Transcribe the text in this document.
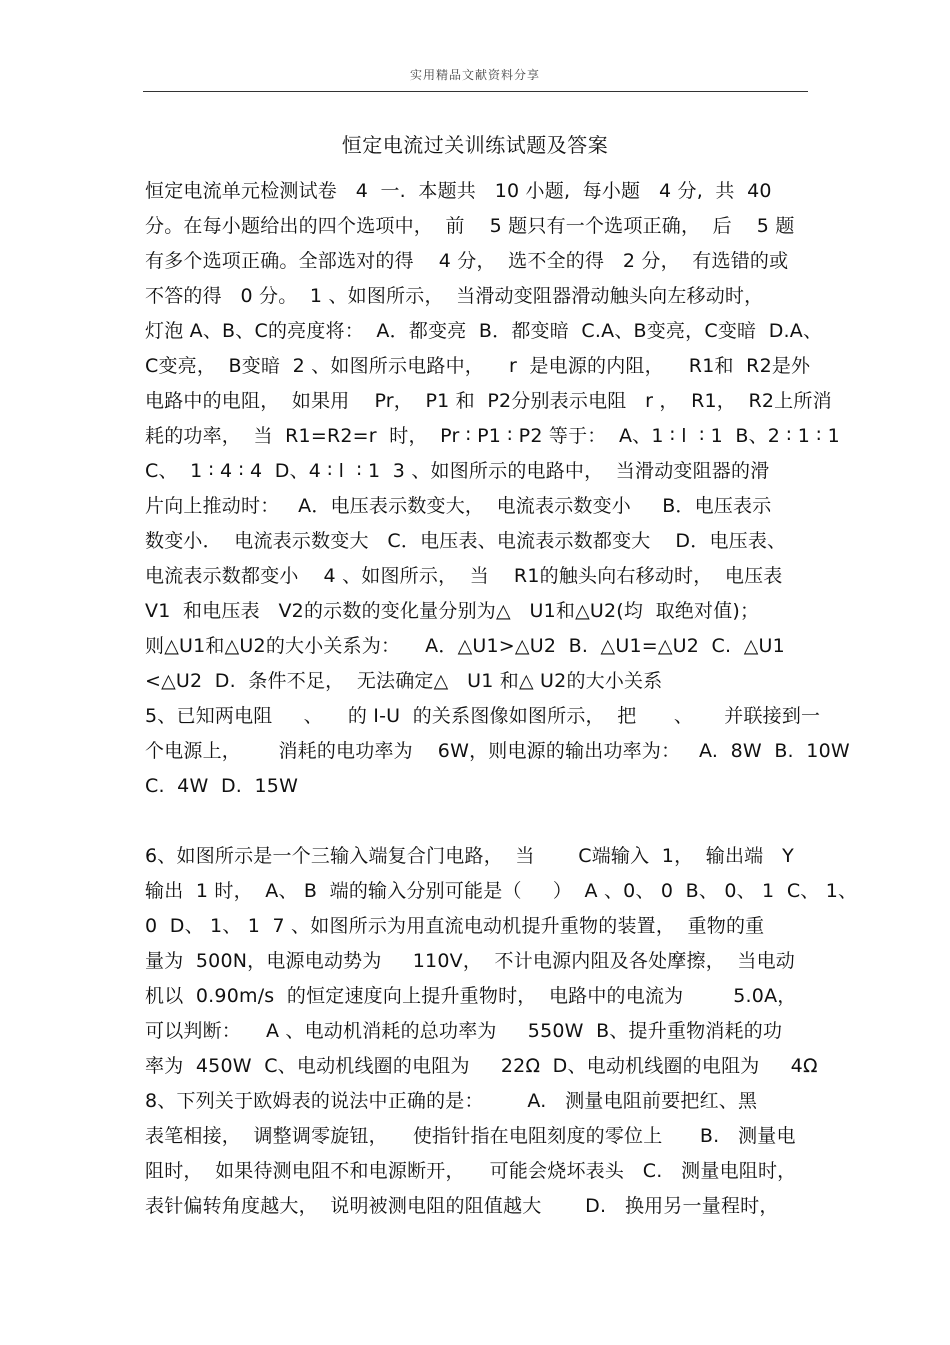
实用精品文献资料分享
恒定电流过关训练试题及答案
恒定电流单元检测试卷   4  一.  本题共   10 小题,  每小题   4 分,  共  40
分。在每小题给出的四个选项中，  前    5 题只有一个选项正确，  后    5 题
有多个选项正确。全部选对的得    4 分，  选不全的得   2 分，  有选错的或
不答的得   0 分。  1 、如图所示，  当滑动变阻器滑动触头向左移动时，
灯泡 A、B、C的亮度将：  A．都变亮  B．都变暗  C.A、B变亮，C变暗  D.A、
C变亮，  B变暗  2 、如图所示电路中，    r  是电源的内阻，    R1和  R2是外
电路中的电阻，  如果用    Pr，  P1 和  P2分别表示电阻   r ，  R1，  R2上所消
耗的功率，  当  R1=R2=r  时，  Pr ∶ P1 ∶ P2 等于：  A、1 ∶ l  ∶ 1  B、2 ∶ 1 ∶ 1
C、  1 ∶ 4 ∶ 4  D、4 ∶ l  ∶ 1  3 、如图所示的电路中，  当滑动变阻器的滑
片向上推动时：   A．电压表示数变大，  电流表示数变小     B．电压表示
数变小．  电流表示数变大   C．电压表、电流表示数都变大    D．电压表、
电流表示数都变小    4 、如图所示，  当    R1的触头向右移动时，  电压表
V1  和电压表   V2的示数的变化量分别为△   U1和△U2(均  取绝对值)；
则△U1和△U2的大小关系为：    A．△U1>△U2  B.  △U1=△U2  C.  △U1
<△U2  D.  条件不足，  无法确定△   U1 和△ U2的大小关系
5、已知两电阻     、    的 I-U  的关系图像如图所示，  把      、     并联接到一
个电源上，      消耗的电功率为    6W，则电源的输出功率为：   A.  8W  B.  10W
C.  4W  D.  15W
6、如图所示是一个三输入端复合门电路，  当       C端输入  1，  输出端   Y
输出  1 时，  A、 B  端的输入分别可能是（     ）  A 、0、 0  B、 0、 1  C、 1、
0  D、 1、 1  7 、如图所示为用直流电动机提升重物的装置，  重物的重
量为  500N，电源电动势为     110V，  不计电源内阻及各处摩擦，  当电动
机以  0.90m/s  的恒定速度向上提升重物时，  电路中的电流为        5.0A，
可以判断：    A 、电动机消耗的总功率为     550W  B、提升重物消耗的功
率为  450W  C、电动机线圈的电阻为     22Ω  D、电动机线圈的电阻为     4Ω
8、下列关于欧姆表的说法中正确的是：       A.   测量电阻前要把红、黑
表笔相接，  调整调零旋钮，    使指针指在电阻刻度的零位上      B.   测量电
阻时，  如果待测电阻不和电源断开，    可能会烧坏表头   C.   测量电阻时，
表针偏转角度越大，  说明被测电阻的阻值越大       D.   换用另一量程时，
